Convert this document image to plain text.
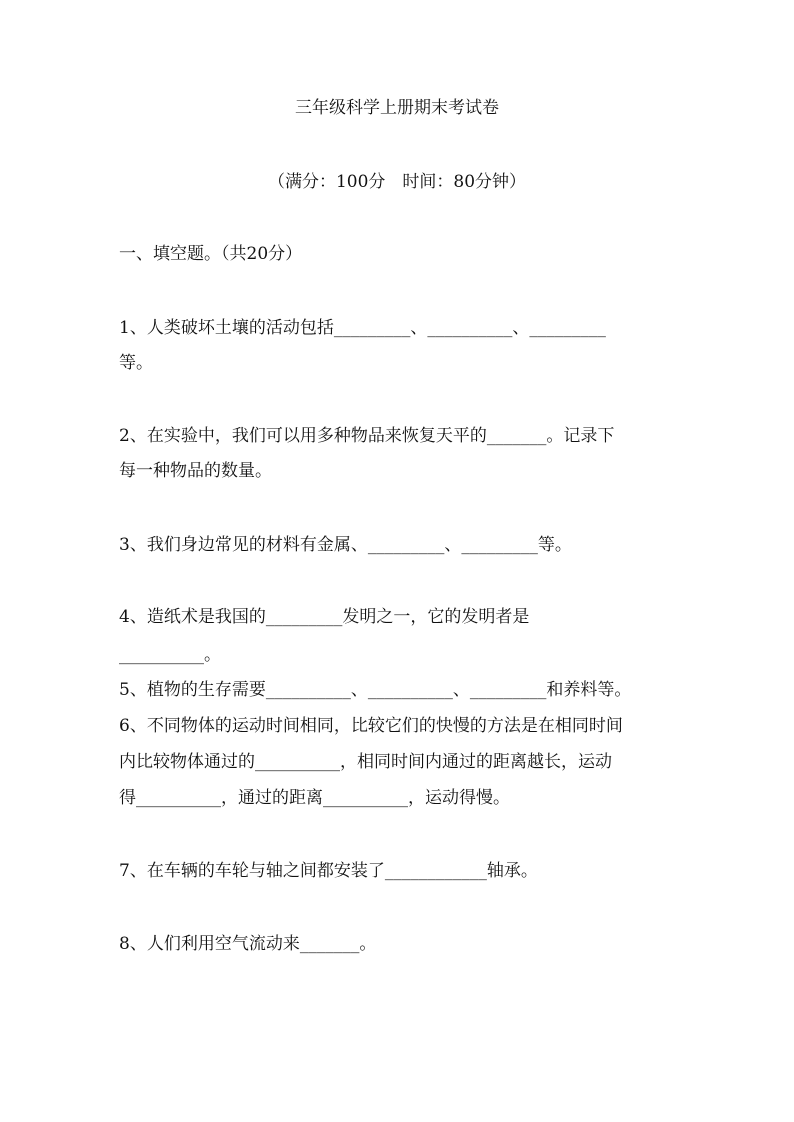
三年级科学上册期末考试卷
（满分：100分　时间：80分钟）
一、填空题。（共20分）
1、人类破坏土壤的活动包括_________、__________、_________
等。
2、在实验中，我们可以用多种物品来恢复天平的_______。记录下
每一种物品的数量。
3、我们身边常见的材料有金属、_________、_________等。
4、造纸术是我国的_________发明之一，它的发明者是
__________。
5、植物的生存需要__________、__________、_________和养料等。
6、不同物体的运动时间相同，比较它们的快慢的方法是在相同时间
内比较物体通过的__________，相同时间内通过的距离越长，运动
得__________，通过的距离__________，运动得慢。
7、在车辆的车轮与轴之间都安装了____________轴承。
8、人们利用空气流动来_______。
